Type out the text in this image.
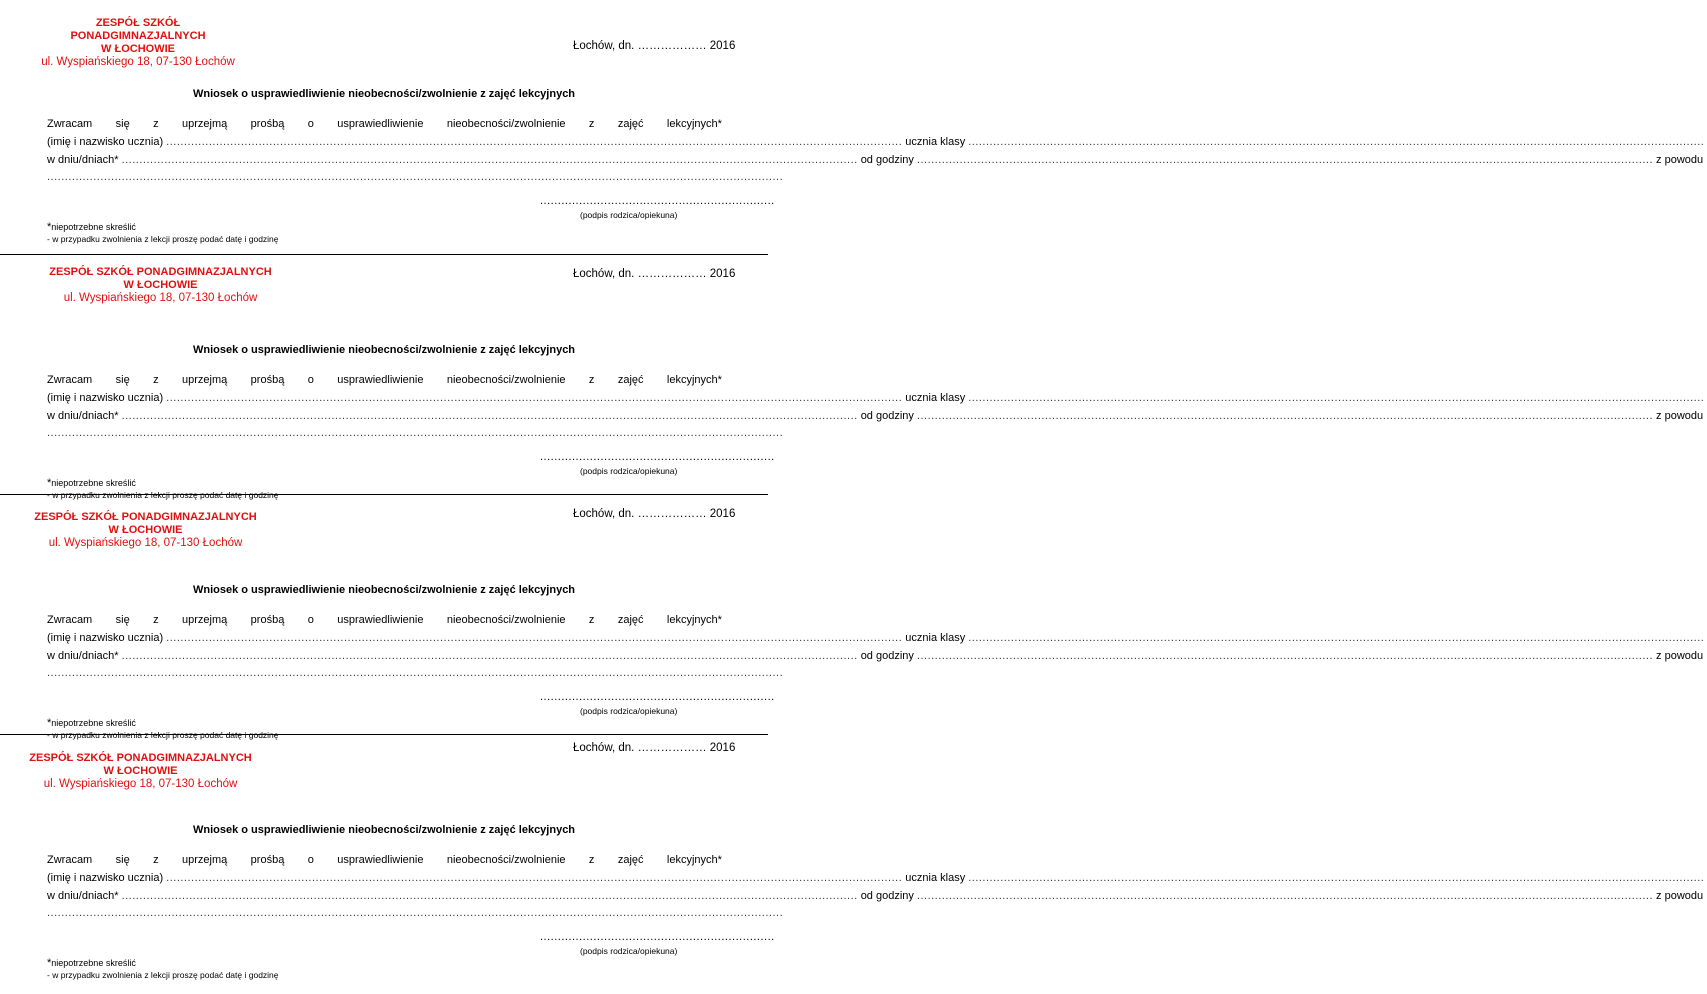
ZESPÓŁ SZKÓŁ PONADGIMNAZJALNYCH
W ŁOCHOWIE
ul. Wyspiańskiego 18, 07-130 Łochów
Łochów, dn. ……………… 2016
Wniosek o usprawiedliwienie nieobecności/zwolnienie z zajęć lekcyjnych
Zwracam się z uprzejmą prośbą o usprawiedliwienie nieobecności/zwolnienie z zajęć lekcyjnych*
(imię i nazwisko ucznia) .....	ucznia klasy
.....
w dniu/dniach* .....	od godziny .....	z powodu
.....
..................................................................
(podpis rodzica/opiekuna)
*niepotrzebne skreślić
- w przypadku zwolnienia z lekcji proszę podać datę i godzinę
ZESPÓŁ SZKÓŁ PONADGIMNAZJALNYCH
W ŁOCHOWIE
ul. Wyspiańskiego 18, 07-130 Łochów
Łochów, dn. ……………… 2016
Wniosek o usprawiedliwienie nieobecności/zwolnienie z zajęć lekcyjnych
Zwracam się z uprzejmą prośbą o usprawiedliwienie nieobecności/zwolnienie z zajęć lekcyjnych*
(imię i nazwisko ucznia) .....	ucznia klasy
.....
w dniu/dniach* .....	od godziny .....	z powodu
.....
..................................................................
(podpis rodzica/opiekuna)
*niepotrzebne skreślić
- w przypadku zwolnienia z lekcji proszę podać datę i godzinę
ZESPÓŁ SZKÓŁ PONADGIMNAZJALNYCH
W ŁOCHOWIE
ul. Wyspiańskiego 18, 07-130 Łochów
Łochów, dn. ……………… 2016
Wniosek o usprawiedliwienie nieobecności/zwolnienie z zajęć lekcyjnych
Zwracam się z uprzejmą prośbą o usprawiedliwienie nieobecności/zwolnienie z zajęć lekcyjnych*
(imię i nazwisko ucznia) .....	ucznia klasy
.....
w dniu/dniach* .....	od godziny .....	z powodu
.....
..................................................................
(podpis rodzica/opiekuna)
*niepotrzebne skreślić
- w przypadku zwolnienia z lekcji proszę podać datę i godzinę
ZESPÓŁ SZKÓŁ PONADGIMNAZJALNYCH
W ŁOCHOWIE
ul. Wyspiańskiego 18, 07-130 Łochów
Łochów, dn. ……………… 2016
Wniosek o usprawiedliwienie nieobecności/zwolnienie z zajęć lekcyjnych
Zwracam się z uprzejmą prośbą o usprawiedliwienie nieobecności/zwolnienie z zajęć lekcyjnych*
(imię i nazwisko ucznia) .....	ucznia klasy
.....
w dniu/dniach* .....	od godziny .....	z powodu
.....
..................................................................
(podpis rodzica/opiekuna)
*niepotrzebne skreślić
- w przypadku zwolnienia z lekcji proszę podać datę i godzinę
